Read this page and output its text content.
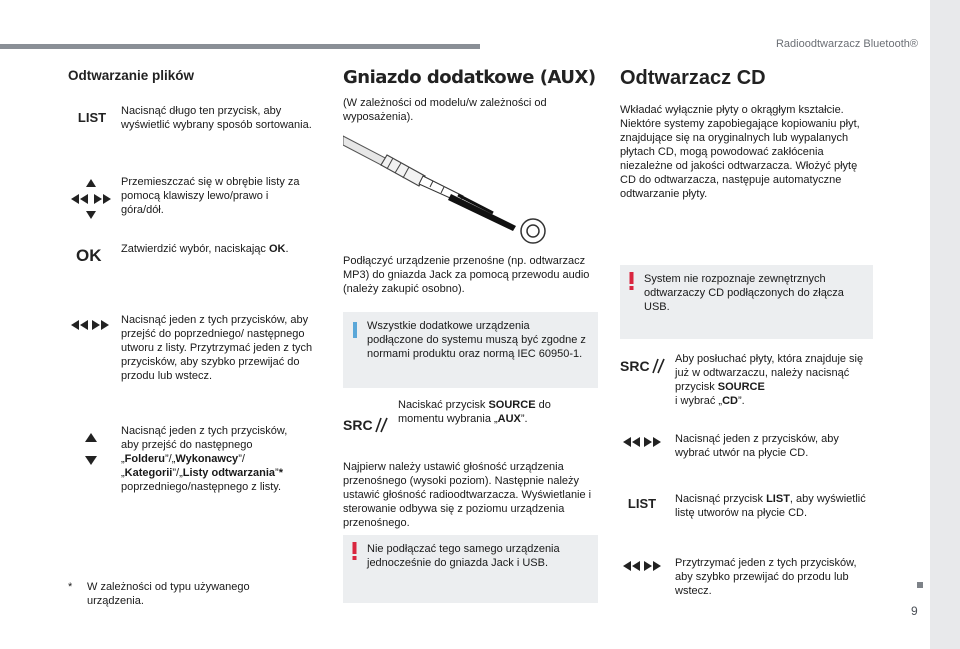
Radioodtwarzacz Bluetooth®
9
Odtwarzanie plików
LIST	Nacisnąć długo ten przycisk, aby wyświetlić wybrany sposób sortowania.
Przemieszczać się w obrębie listy za pomocą klawiszy lewo/prawo i góra/dół.
OK Zatwierdzić wybór, naciskając OK.
Nacisnąć jeden z tych przycisków, aby przejść do poprzedniego/ następnego utworu z listy. Przytrzymać jeden z tych przycisków, aby szybko przewijać do przodu lub wstecz.
Nacisnąć jeden z tych przycisków,
aby przejść do następnego
„Folderu”/„Wykonawcy”/
„Kategorii”/„Listy odtwarzania”*
poprzedniego/następnego z listy.
* W zależności od typu używanego urządzenia.
Gniazdo dodatkowe (AUX)
(W zależności od modelu/w zależności od wyposażenia).
Podłączyć urządzenie przenośne (np. odtwarzacz MP3) do gniazda Jack za pomocą przewodu audio (należy zakupić osobno).
Wszystkie dodatkowe urządzenia podłączone do systemu muszą być zgodne z normami produktu oraz normą IEC 60950-1.
SRC
Naciskać przycisk SOURCE do momentu wybrania „AUX”.
Najpierw należy ustawić głośność urządzenia przenośnego (wysoki poziom). Następnie należy ustawić głośność radioodtwarzacza. Wyświetlanie i sterowanie odbywa się z poziomu urządzenia przenośnego.
Nie podłączać tego samego urządzenia jednocześnie do gniazda Jack i USB.
Odtwarzacz CD
Wkładać wyłącznie płyty o okrągłym kształcie. Niektóre systemy zapobiegające kopiowaniu płyt, znajdujące się na oryginalnych lub wypalanych płytach CD, mogą powodować zakłócenia niezależne od jakości odtwarzacza. Włożyć płytę CD do odtwarzacza, następuje automatyczne odtwarzanie płyty.
System nie rozpoznaje zewnętrznych odtwarzaczy CD podłączonych do złącza USB.
SRC Aby posłuchać płyty, która znajduje się już w odtwarzaczu, należy nacisnąć przycisk SOURCE
i wybrać „CD”.
Nacisnąć jeden z przycisków, aby wybrać utwór na płycie CD.
LIST	Nacisnąć przycisk LIST, aby wyświetlić listę utworów na płycie CD.
Przytrzymać jeden z tych przycisków, aby szybko przewijać do przodu lub wstecz.
